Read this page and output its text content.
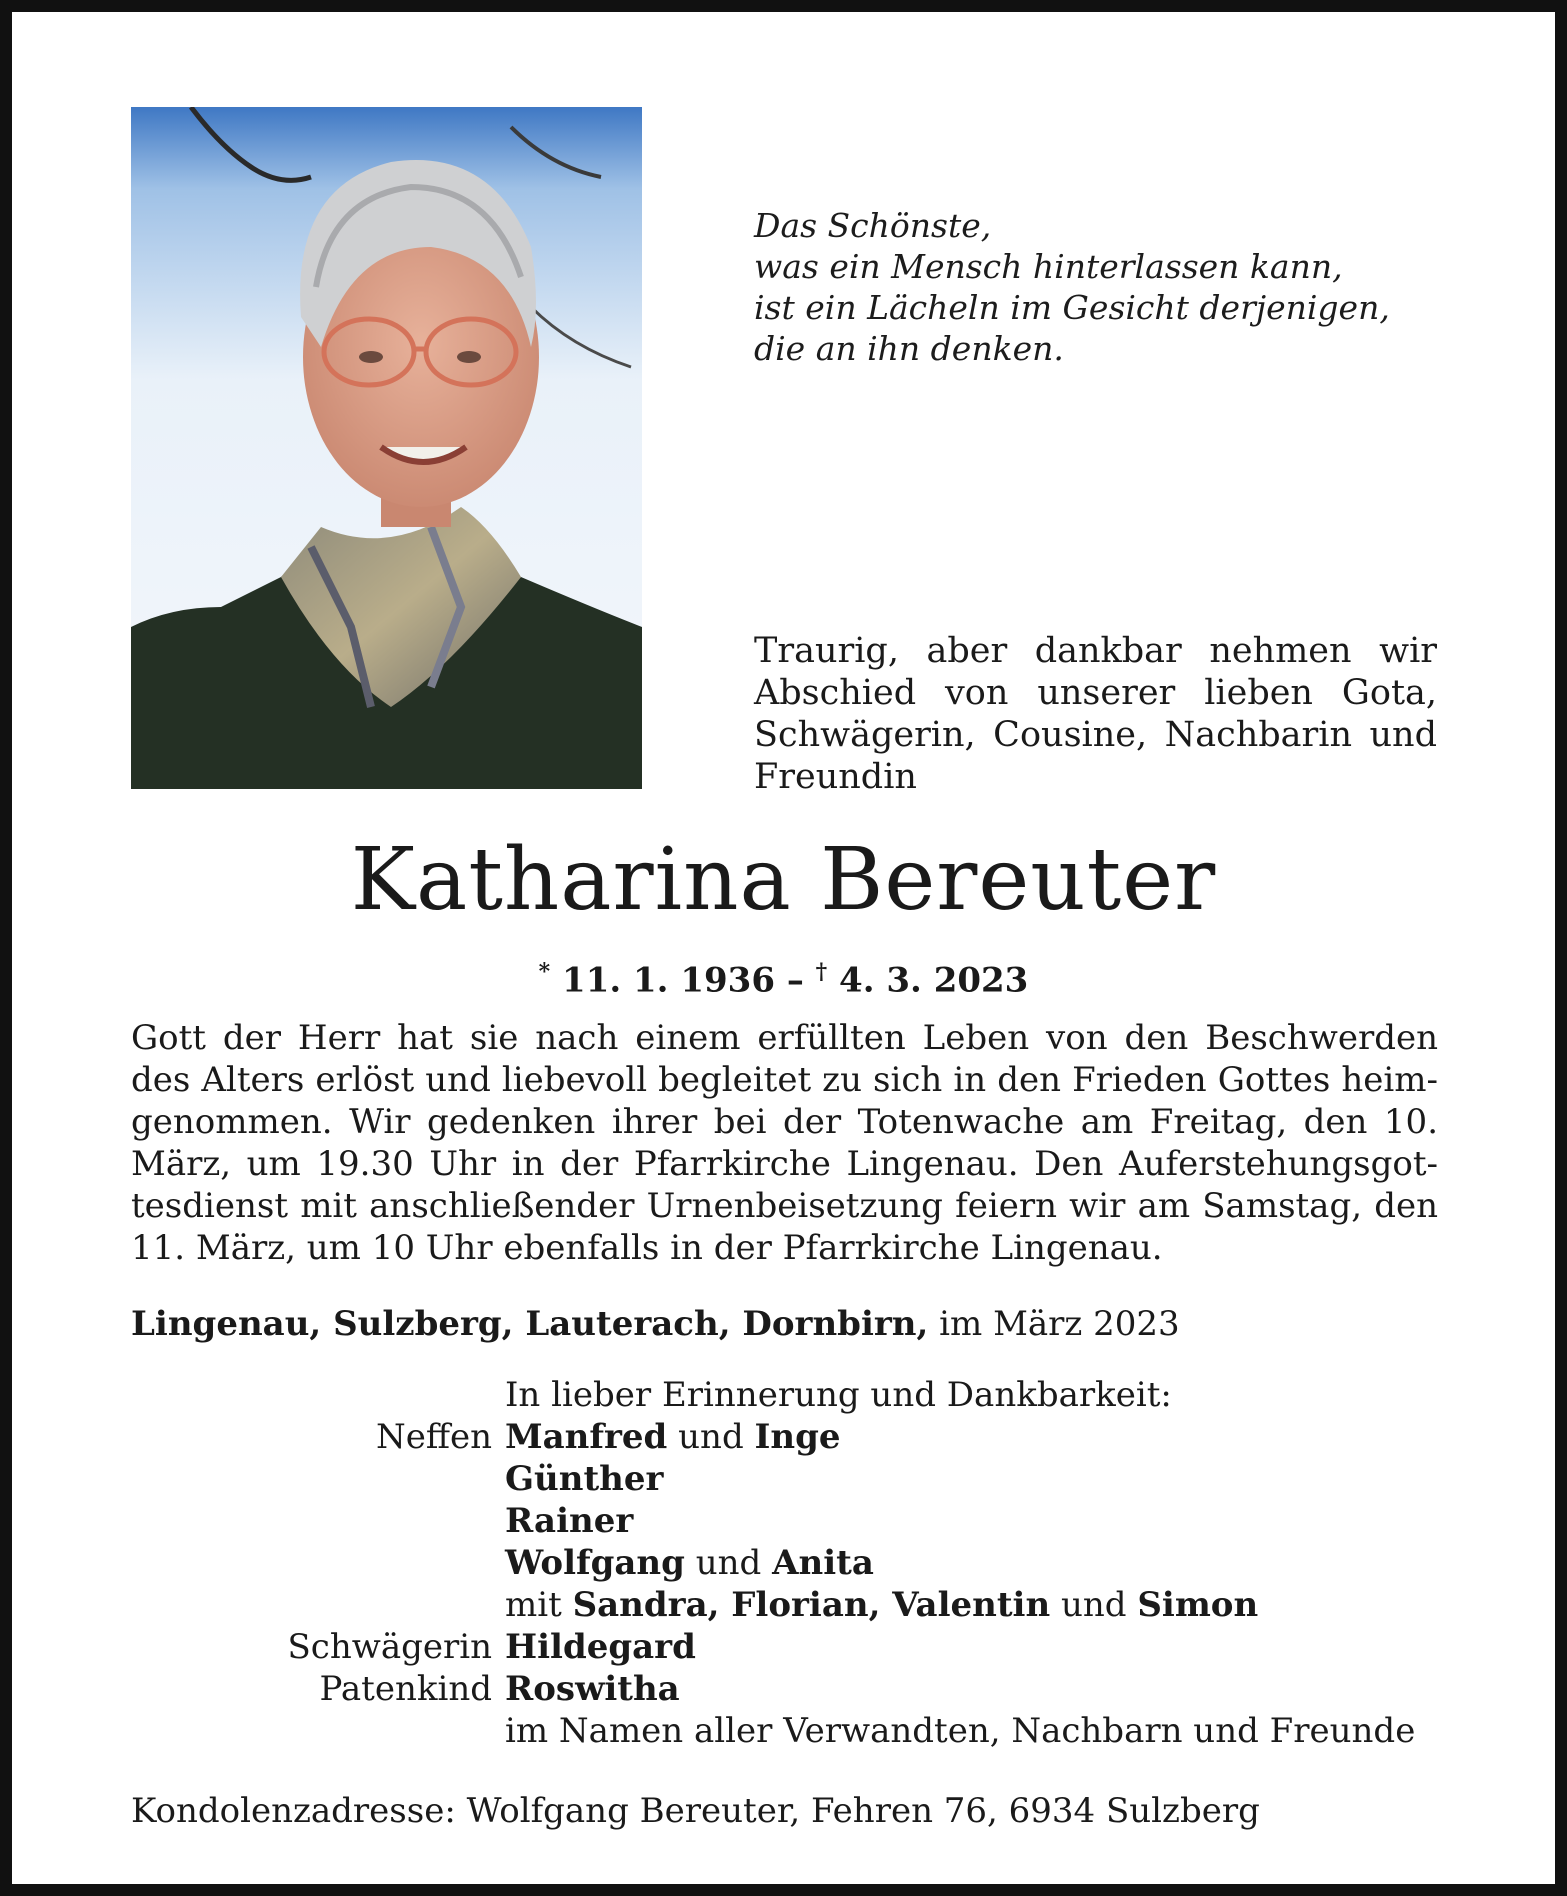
Das Schönste,
was ein Mensch hinterlassen kann,
ist ein Lächeln im Gesicht derjenigen,
die an ihn denken.
Traurig, aber dankbar nehmen wir Abschied von unserer lieben Gota, Schwägerin, Cousine, Nachbarin und Freundin
Katharina Bereuter
* 11. 1. 1936 – † 4. 3. 2023
Gott der Herr hat sie nach einem erfüllten Leben von den Beschwerden des Alters erlöst und liebevoll begleitet zu sich in den Frieden Gottes heimgenommen. Wir gedenken ihrer bei der Totenwache am Freitag, den 10. März, um 19.30 Uhr in der Pfarrkirche Lingenau. Den Auferstehungsgottesdienst mit anschließender Urnenbeisetzung feiern wir am Samstag, den 11. März, um 10 Uhr ebenfalls in der Pfarrkirche Lingenau.
Lingenau, Sulzberg, Lauterach, Dornbirn, im März 2023
In lieber Erinnerung und Dankbarkeit:
Neffen Manfred und Inge
Günther
Rainer
Wolfgang und Anita
mit Sandra, Florian, Valentin und Simon
Schwägerin Hildegard
Patenkind Roswitha
im Namen aller Verwandten, Nachbarn und Freunde
Kondolenzadresse: Wolfgang Bereuter, Fehren 76, 6934 Sulzberg
